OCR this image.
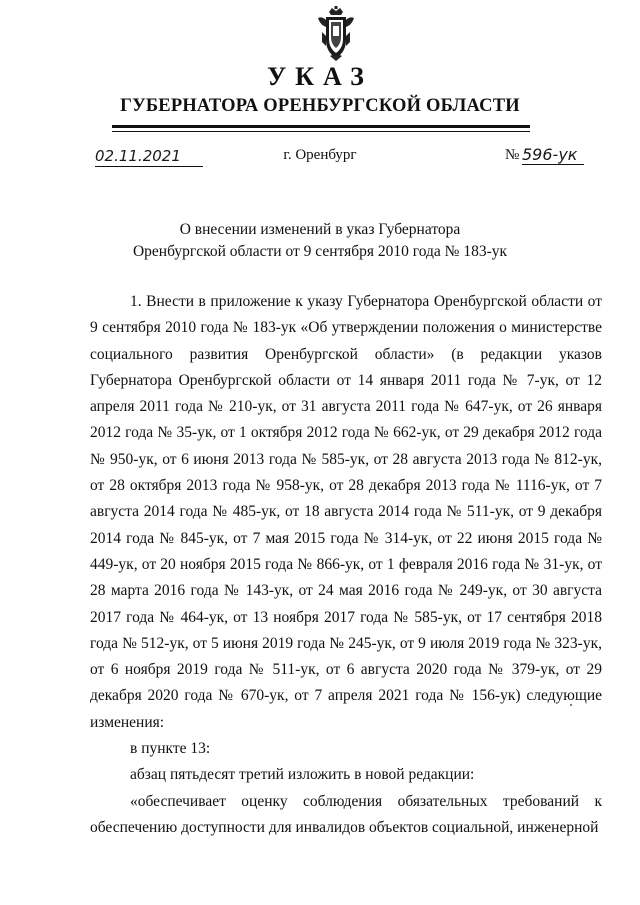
УКАЗ
ГУБЕРНАТОРА ОРЕНБУРГСКОЙ ОБЛАСТИ
02.11.2021	г. Оренбург	№ 596-ук
О внесении изменений в указ Губернатора
Оренбургской области от 9 сентября 2010 года № 183-ук

1. Внести в приложение к указу Губернатора Оренбургской области от 9 сентября 2010 года № 183-ук «Об утверждении положения о министерстве социального развития Оренбургской области» (в редакции указов Губернатора Оренбургской области от 14 января 2011 года № 7-ук, от 12 апреля 2011 года № 210-ук, от 31 августа 2011 года № 647-ук, от 26 января 2012 года № 35-ук, от 1 октября 2012 года № 662-ук, от 29 декабря 2012 года № 950-ук, от 6 июня 2013 года № 585-ук, от 28 августа 2013 года № 812-ук, от 28 октября 2013 года № 958-ук, от 28 декабря 2013 года № 1116-ук, от 7 августа 2014 года № 485-ук, от 18 августа 2014 года № 511-ук, от 9 декабря 2014 года № 845-ук, от 7 мая 2015 года № 314-ук, от 22 июня 2015 года № 449-ук, от 20 ноября 2015 года № 866-ук, от 1 февраля 2016 года № 31-ук, от 28 марта 2016 года № 143-ук, от 24 мая 2016 года № 249-ук, от 30 августа 2017 года № 464-ук, от 13 ноября 2017 года № 585-ук, от 17 сентября 2018 года № 512-ук, от 5 июня 2019 года № 245-ук, от 9 июля 2019 года № 323-ук, от 6 ноября 2019 года № 511-ук, от 6 августа 2020 года № 379-ук, от 29 декабря 2020 года № 670-ук, от 7 апреля 2021 года № 156-ук) следующие изменения:

в пункте 13:

абзац пятьдесят третий изложить в новой редакции:

«обеспечивает оценку соблюдения обязательных требований к обеспечению доступности для инвалидов объектов социальной, инженерной
